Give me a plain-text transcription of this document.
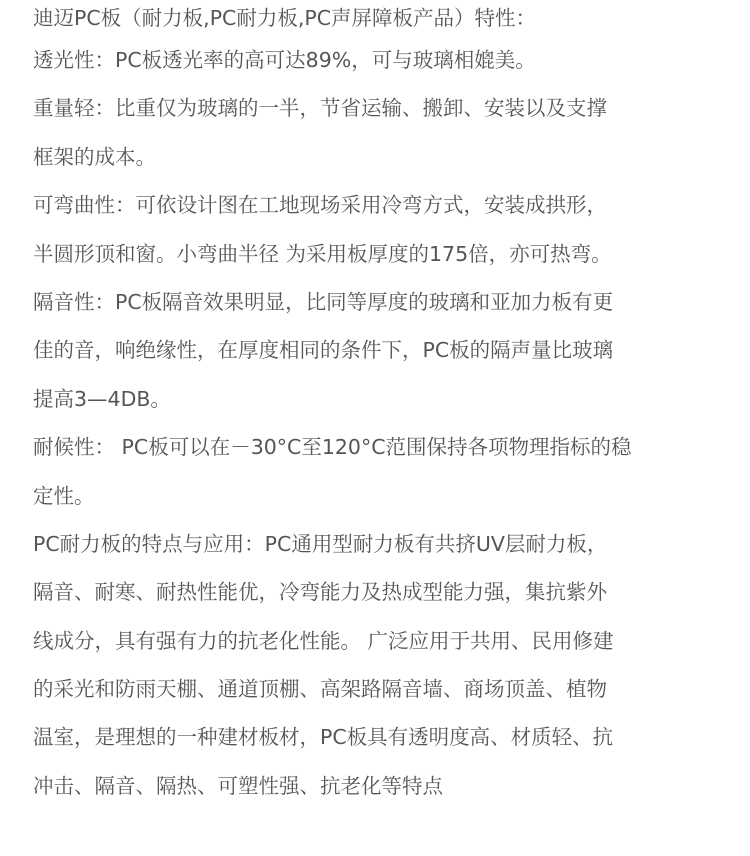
迪迈PC板（耐力板,PC耐力板,PC声屏障板产品）特性：

透光性：PC板透光率的高可达89%，可与玻璃相媲美。

重量轻：比重仅为玻璃的一半，节省运输、搬卸、安装以及支撑

框架的成本。

可弯曲性：可依设计图在工地现场采用冷弯方式，安装成拱形，

半圆形顶和窗。小弯曲半径 为采用板厚度的175倍，亦可热弯。

隔音性：PC板隔音效果明显，比同等厚度的玻璃和亚加力板有更

佳的音，响绝缘性，在厚度相同的条件下，PC板的隔声量比玻璃

提高3—4DB。

耐候性： PC板可以在－30°C至120°C范围保持各项物理指标的稳

定性。

PC耐力板的特点与应用：PC通用型耐力板有共挤UV层耐力板，

隔音、耐寒、耐热性能优，冷弯能力及热成型能力强，集抗紫外

线成分，具有强有力的抗老化性能。 广泛应用于共用、民用修建

的采光和防雨天棚、通道顶棚、高架路隔音墙、商场顶盖、植物

温室，是理想的一种建材板材，PC板具有透明度高、材质轻、抗

冲击、隔音、隔热、可塑性强、抗老化等特点
